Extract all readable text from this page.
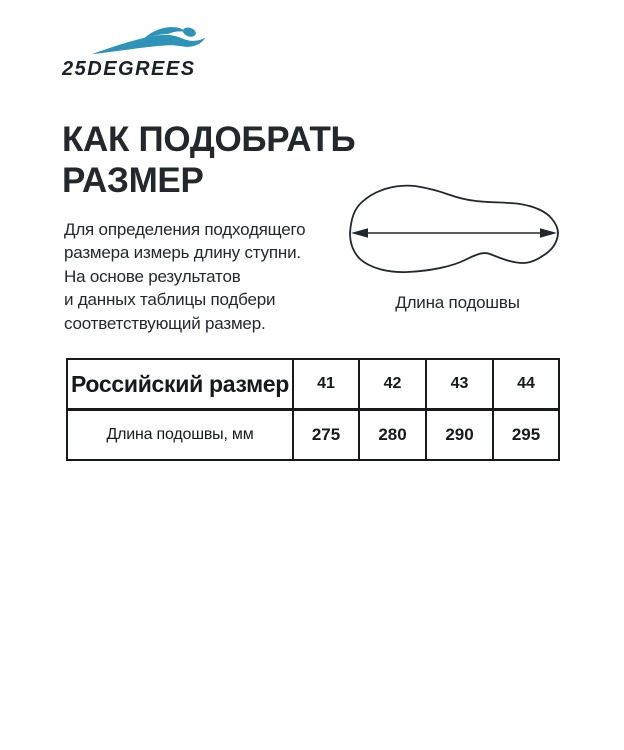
25DEGREES
КАК ПОДОБРАТЬ
РАЗМЕР

Для определения подходящего
размера измерь длину ступни.
На основе результатов
и данных таблицы подбери
соответствующий размер.

Длина подошвы
Российский размер	41	42	43	44
Длина подошвы, мм	275	280	290	295
